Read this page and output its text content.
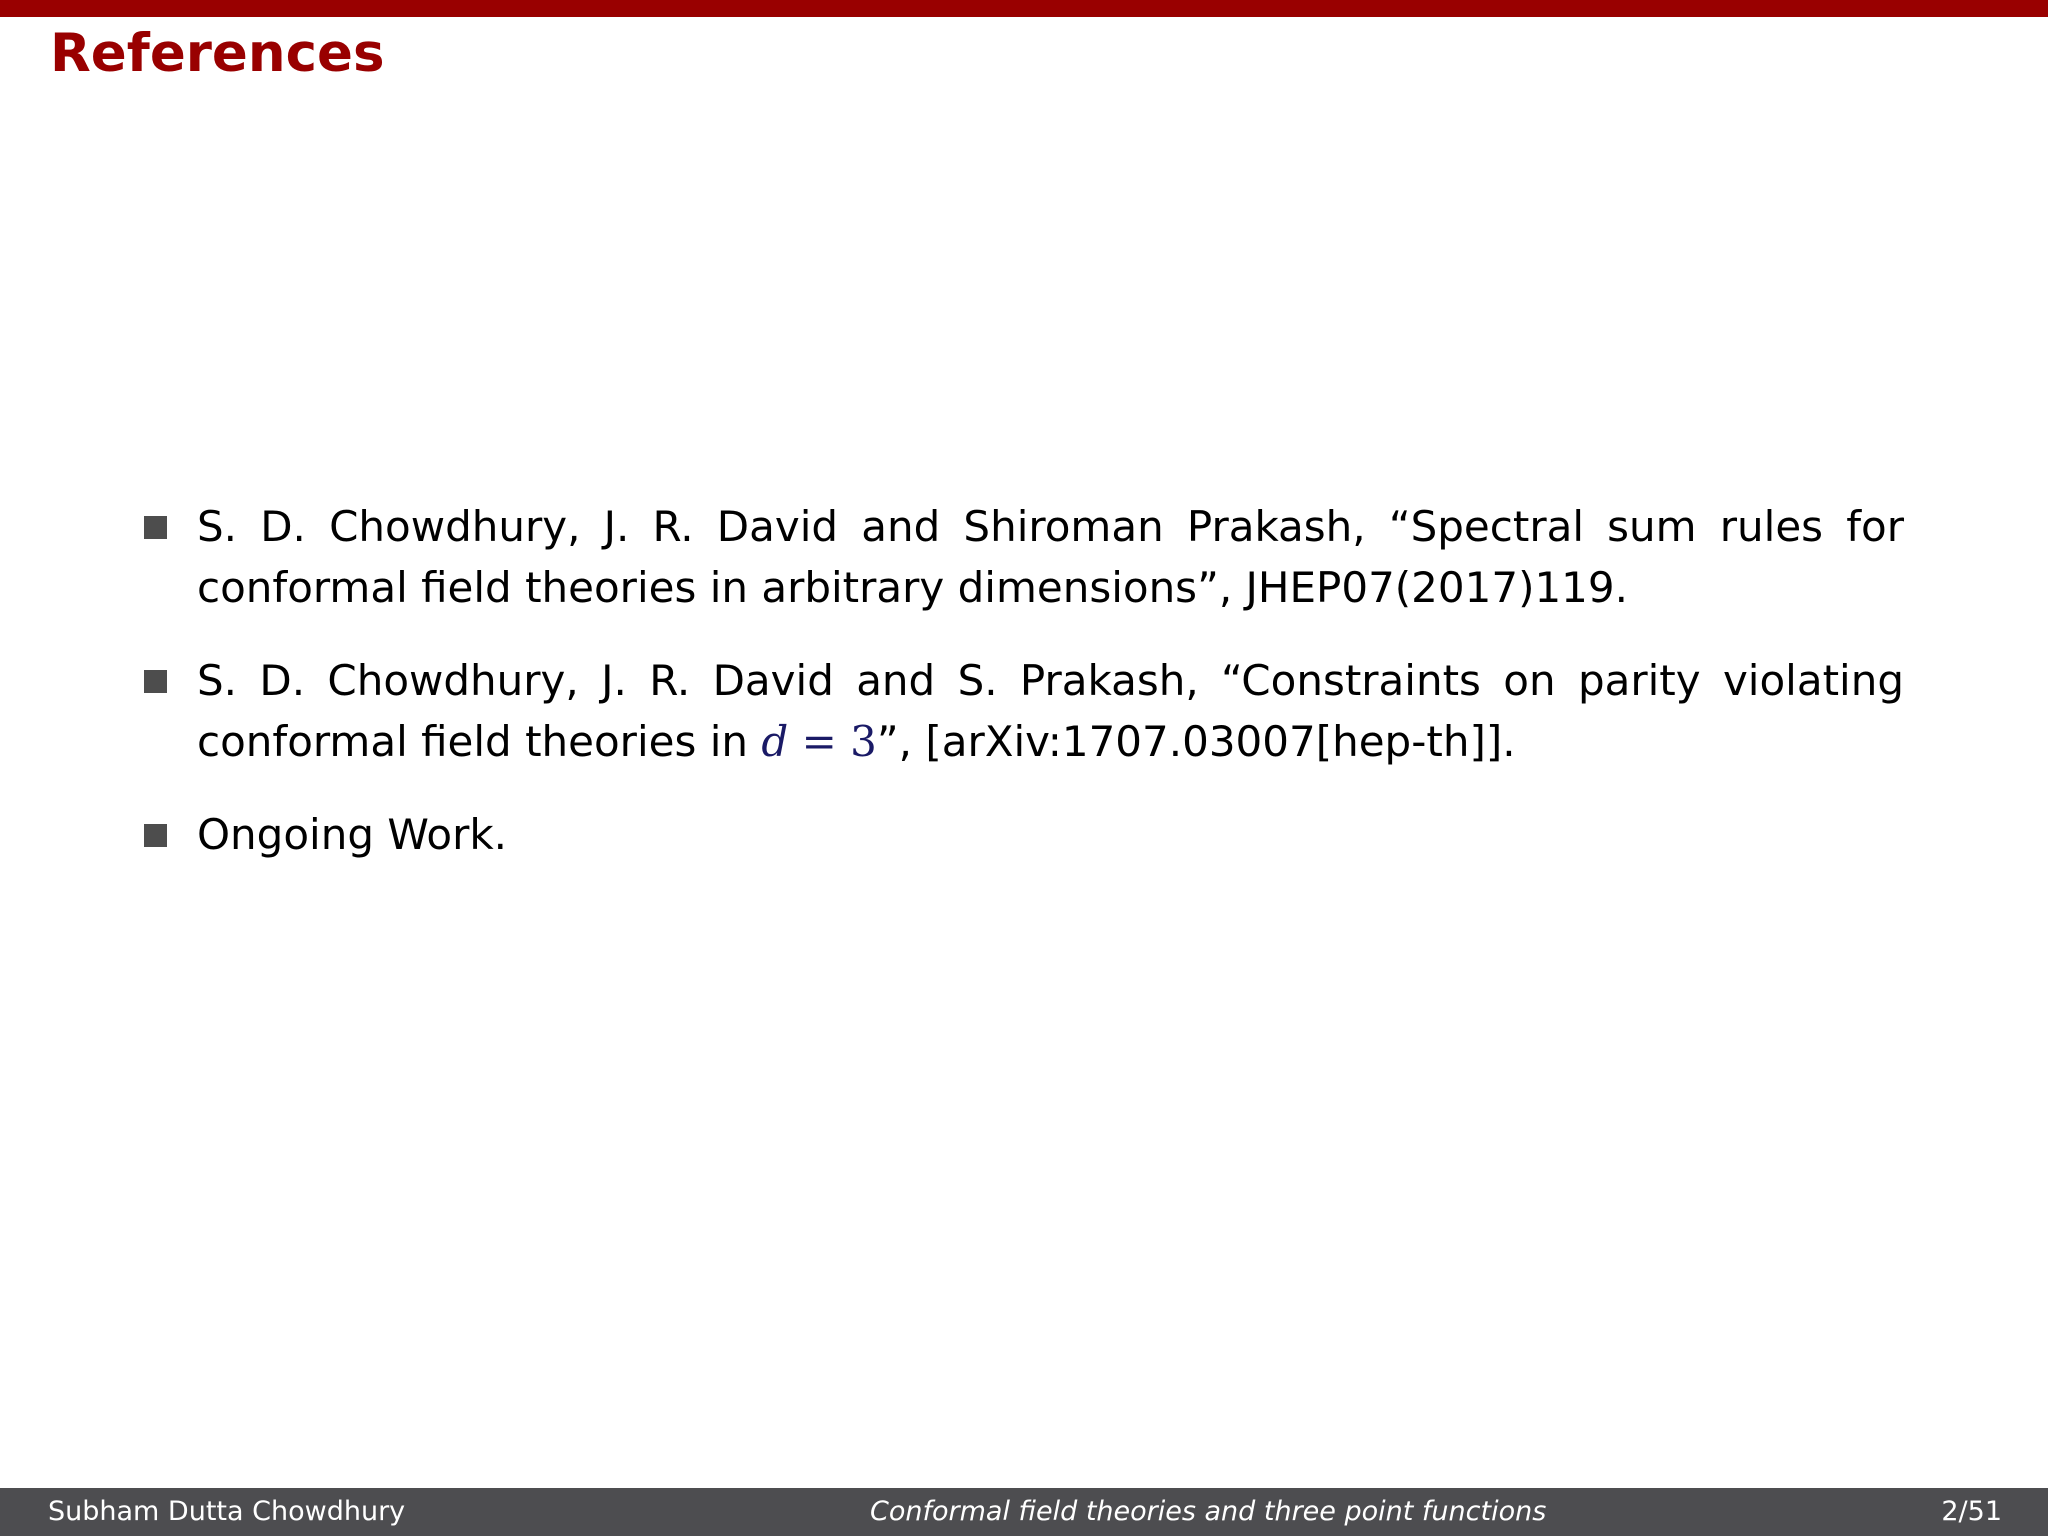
References
S. D. Chowdhury, J. R. David and Shiroman Prakash, “Spectral sum rules for conformal field theories in arbitrary dimensions”, JHEP07(2017)119.
S. D. Chowdhury, J. R. David and S. Prakash, “Constraints on parity violating conformal field theories in d = 3”, [arXiv:1707.03007[hep-th]].
Ongoing Work.
Subham Dutta Chowdhury	Conformal field theories and three point functions	2/51
